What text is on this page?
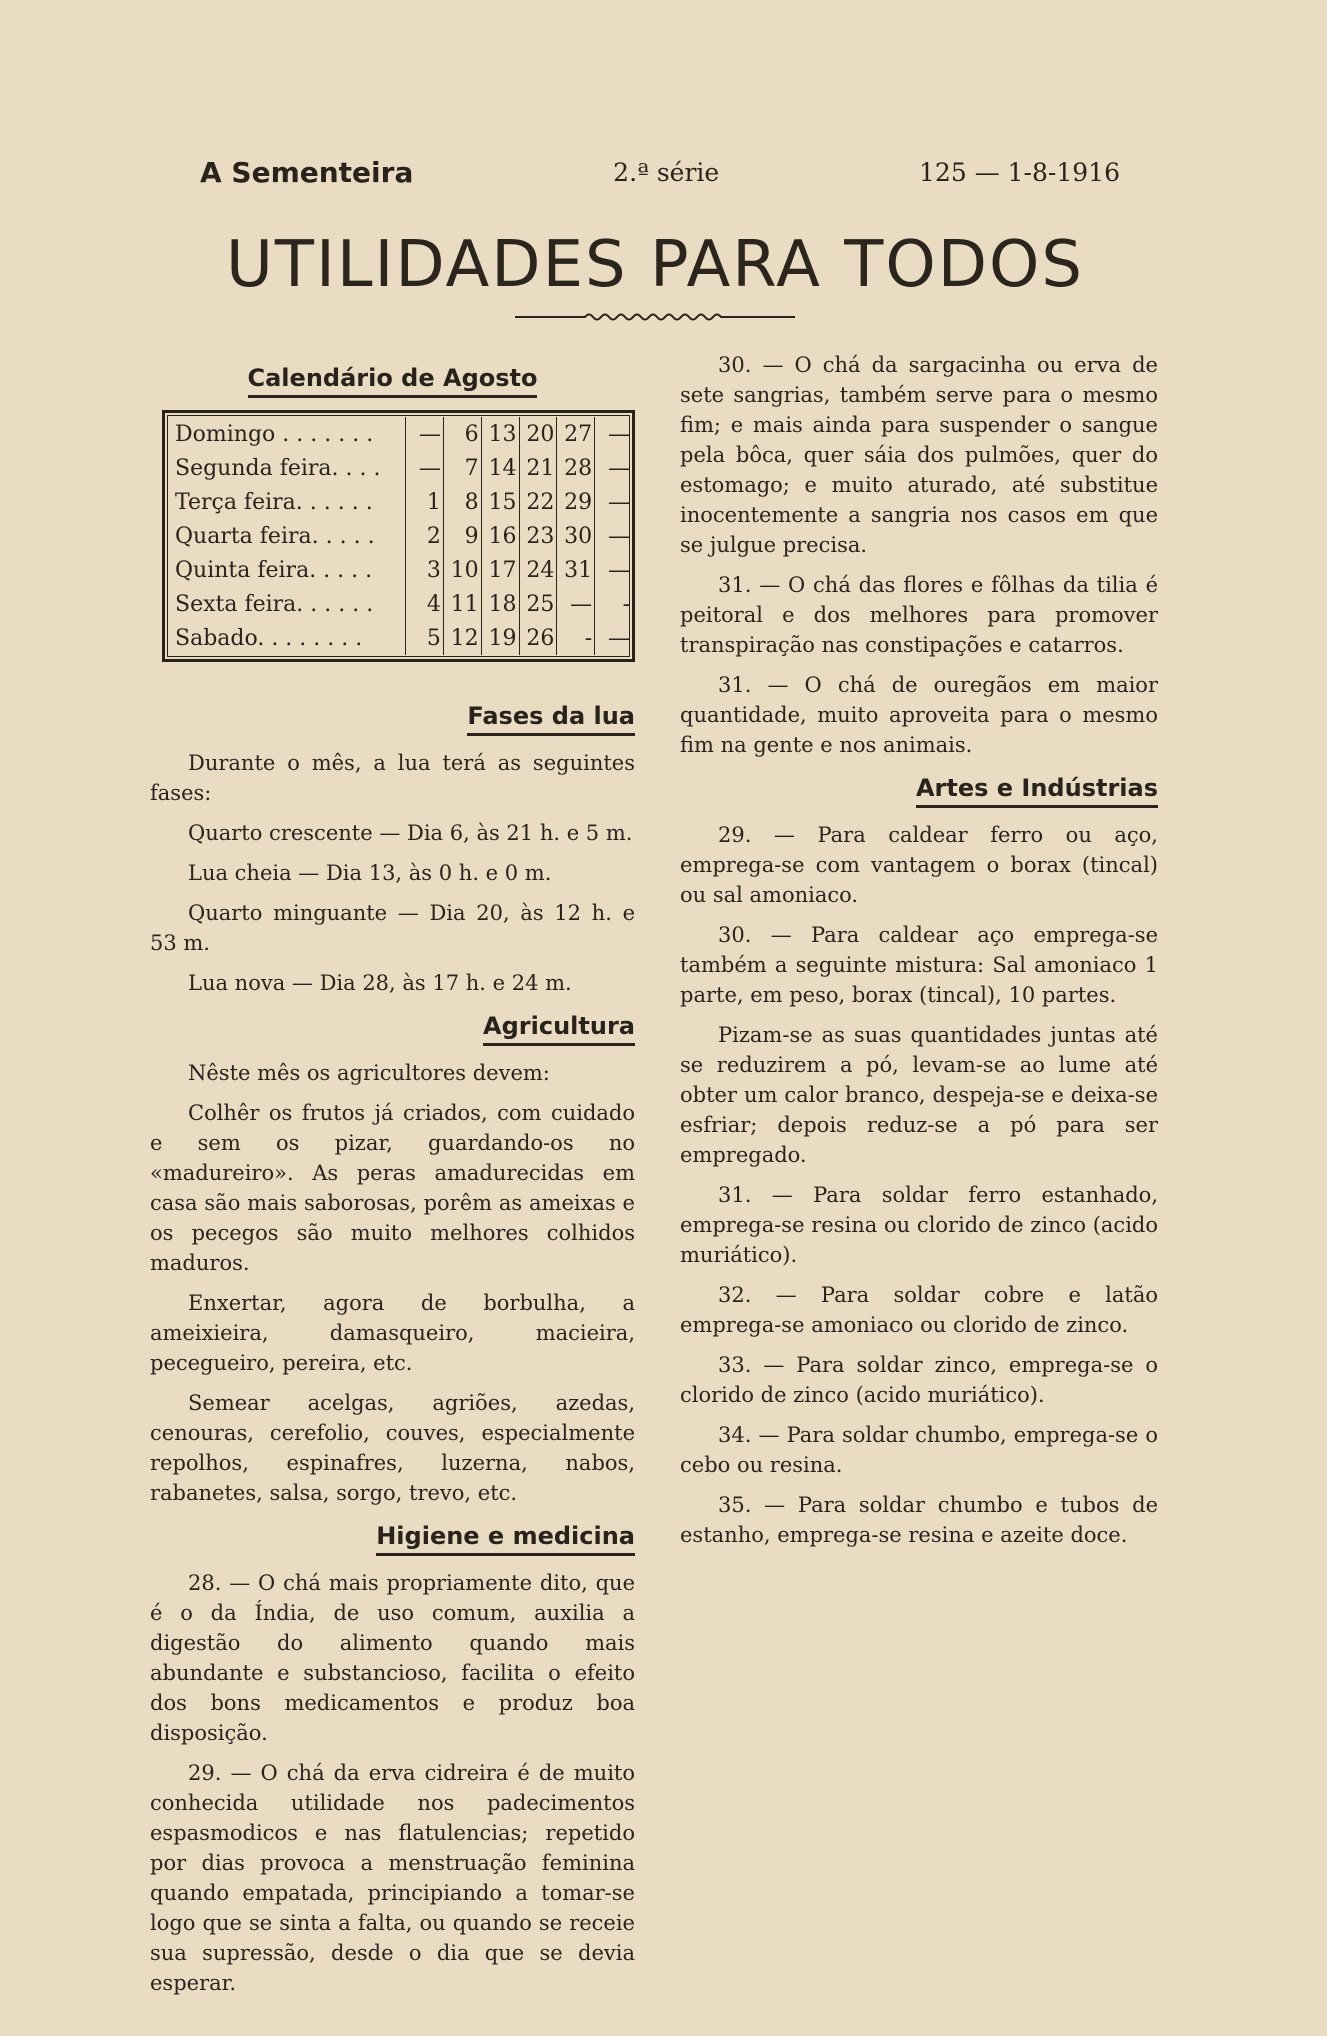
A Sementeira	2.ª série	125 — 1-8-1916
UTILIDADES PARA TODOS
Calendário de Agosto
Domingo . . . . . . .	—	6	13	20	27	—
Segunda feira. . . .	—	7	14	21	28	—
Terça feira. . . . . .	1	8	15	22	29	—
Quarta feira. . . . .	2	9	16	23	30	—
Quinta feira. . . . .	3	10	17	24	31	—
Sexta feira. . . . . .	4	11	18	25	—	-
Sabado. . . . . . . .	5	12	19	26	-	—
Fases da lua

Durante o mês, a lua terá as seguintes fases:

Quarto crescente — Dia 6, às 21 h. e 5 m.

Lua cheia — Dia 13, às 0 h. e 0 m.

Quarto minguante — Dia 20, às 12 h. e 53 m.

Lua nova — Dia 28, às 17 h. e 24 m.

Agricultura

Nêste mês os agricultores devem:

Colhêr os frutos já criados, com cuidado e sem os pizar, guardando-os no «madureiro». As peras amadurecidas em casa são mais saborosas, porêm as ameixas e os pecegos são muito melhores colhidos maduros.

Enxertar, agora de borbulha, a ameixieira, damasqueiro, macieira, pecegueiro, pereira, etc.

Semear acelgas, agriões, azedas, cenouras, cerefolio, couves, especialmente repolhos, espinafres, luzerna, nabos, rabanetes, salsa, sorgo, trevo, etc.

Higiene e medicina

28. — O chá mais propriamente dito, que é o da Índia, de uso comum, auxilia a digestão do alimento quando mais abundante e substancioso, facilita o efeito dos bons medicamentos e produz boa disposição.

29. — O chá da erva cidreira é de muito conhecida utilidade nos padecimentos espasmodicos e nas flatulencias; repetido por dias provoca a menstruação feminina quando empatada, principiando a tomar-se logo que se sinta a falta, ou quando se receie sua supressão, desde o dia que se devia esperar.

30. — O chá da sargacinha ou erva de sete sangrias, também serve para o mesmo fim; e mais ainda para suspender o sangue pela bôca, quer sáia dos pulmões, quer do estomago; e muito aturado, até substitue inocentemente a sangria nos casos em que se julgue precisa.

31. — O chá das flores e fôlhas da tilia é peitoral e dos melhores para promover transpiração nas constipações e catarros.

31. — O chá de ouregãos em maior quantidade, muito aproveita para o mesmo fim na gente e nos animais.

Artes e Indústrias

29. — Para caldear ferro ou aço, emprega-se com vantagem o borax (tincal) ou sal amoniaco.

30. — Para caldear aço emprega-se também a seguinte mistura: Sal amoniaco 1 parte, em peso, borax (tincal), 10 partes.

Pizam-se as suas quantidades juntas até se reduzirem a pó, levam-se ao lume até obter um calor branco, despeja-se e deixa-se esfriar; depois reduz-se a pó para ser empregado.

31. — Para soldar ferro estanhado, emprega-se resina ou clorido de zinco (acido muriático).

32. — Para soldar cobre e latão emprega-se amoniaco ou clorido de zinco.

33. — Para soldar zinco, emprega-se o clorido de zinco (acido muriático).

34. — Para soldar chumbo, emprega-se o cebo ou resina.

35. — Para soldar chumbo e tubos de estanho, emprega-se resina e azeite doce.
